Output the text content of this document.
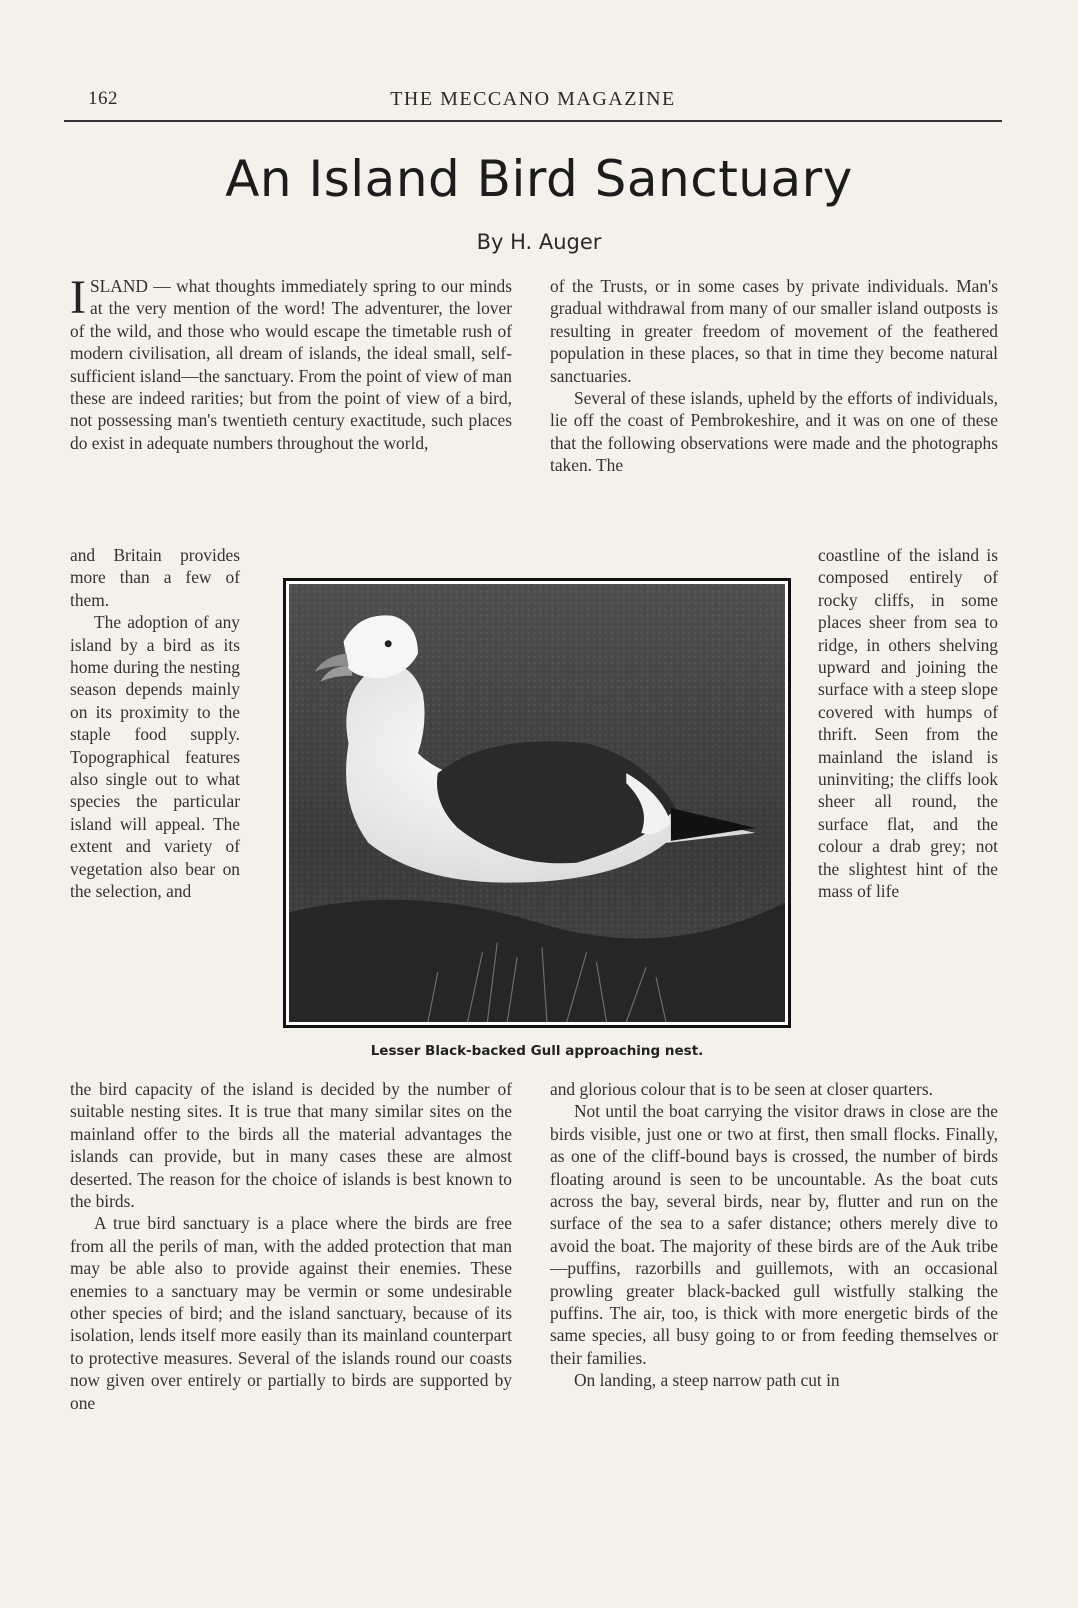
162	THE MECCANO MAGAZINE
An Island Bird Sanctuary
By H. Auger

ISLAND — what thoughts immediately spring to our minds at the very mention of the word! The adventurer, the lover of the wild, and those who would escape the timetable rush of modern civilisation, all dream of islands, the ideal small, self-sufficient island—the sanctuary. From the point of view of man these are indeed rarities; but from the point of view of a bird, not possessing man's twentieth century exactitude, such places do exist in adequate numbers throughout the world,

and Britain provides more than a few of them.

The adoption of any island by a bird as its home during the nesting season depends mainly on its proximity to the staple food supply. Topographical features also single out to what species the particular island will appeal. The extent and variety of vegetation also bear on the selection, and

the bird capacity of the island is decided by the number of suitable nesting sites. It is true that many similar sites on the mainland offer to the birds all the material advantages the islands can provide, but in many cases these are almost deserted. The reason for the choice of islands is best known to the birds.

A true bird sanctuary is a place where the birds are free from all the perils of man, with the added protection that man may be able also to provide against their enemies. These enemies to a sanctuary may be vermin or some undesirable other species of bird; and the island sanctuary, because of its isolation, lends itself more easily than its mainland counterpart to protective measures. Several of the islands round our coasts now given over entirely or partially to birds are supported by one

of the Trusts, or in some cases by private individuals. Man's gradual withdrawal from many of our smaller island outposts is resulting in greater freedom of movement of the feathered population in these places, so that in time they become natural sanctuaries.

Several of these islands, upheld by the efforts of individuals, lie off the coast of Pembrokeshire, and it was on one of these that the following observations were made and the photographs taken. The

coastline of the island is composed entirely of rocky cliffs, in some places sheer from sea to ridge, in others shelving upward and joining the surface with a steep slope covered with humps of thrift. Seen from the mainland the island is uninviting; the cliffs look sheer all round, the surface flat, and the colour a drab grey; not the slightest hint of the mass of life

and glorious colour that is to be seen at closer quarters.

Not until the boat carrying the visitor draws in close are the birds visible, just one or two at first, then small flocks. Finally, as one of the cliff-bound bays is crossed, the number of birds floating around is seen to be uncountable. As the boat cuts across the bay, several birds, near by, flutter and run on the surface of the sea to a safer distance; others merely dive to avoid the boat. The majority of these birds are of the Auk tribe—puffins, razorbills and guillemots, with an occasional prowling greater black-backed gull wistfully stalking the puffins. The air, too, is thick with more energetic birds of the same species, all busy going to or from feeding themselves or their families.

On landing, a steep narrow path cut in

Lesser Black-backed Gull approaching nest.
